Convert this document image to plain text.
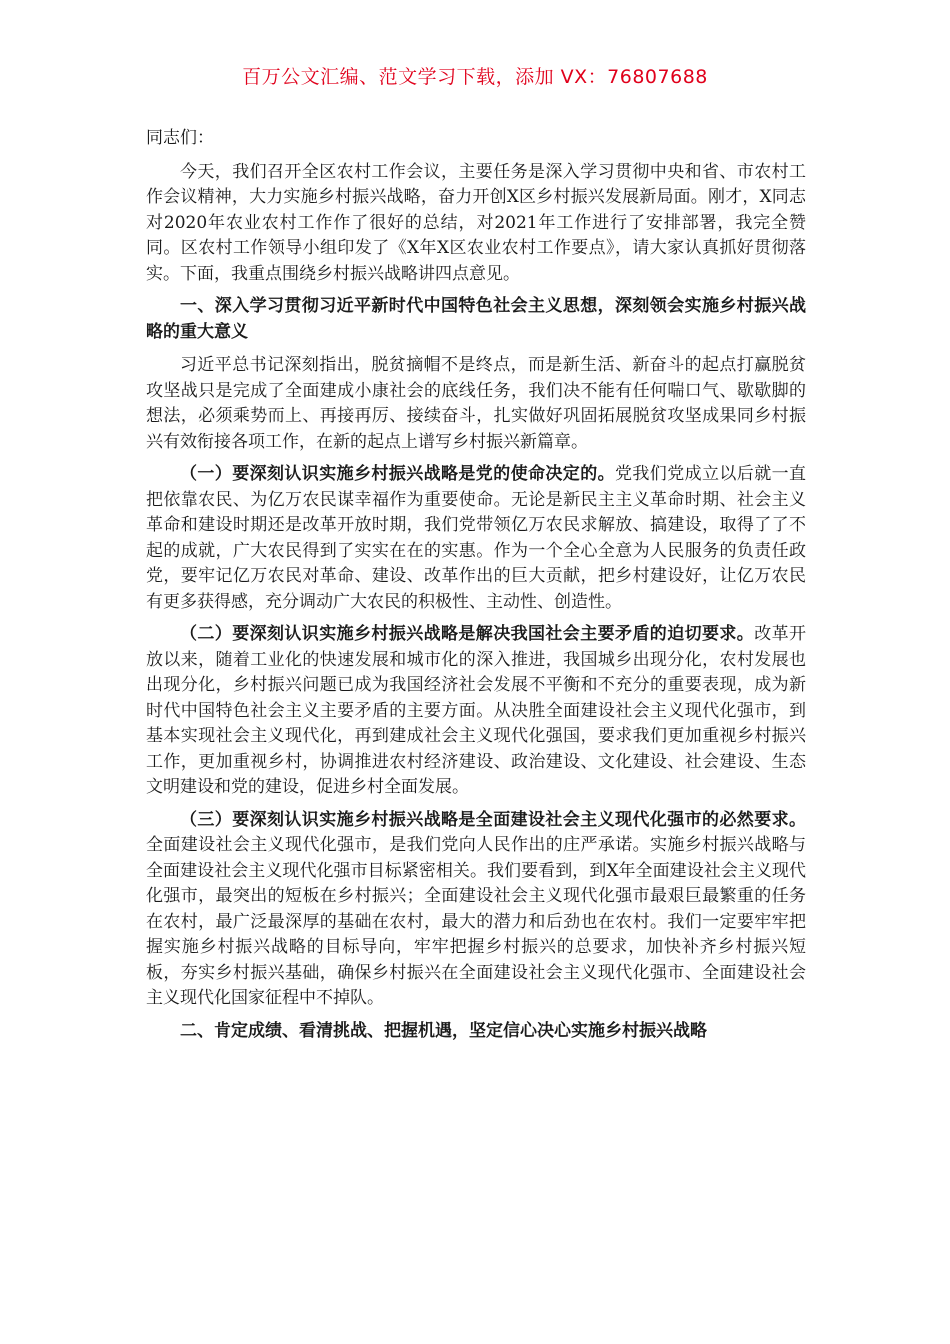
百万公文汇编、范文学习下载，添加 VX：76807688
同志们：

今天，我们召开全区农村工作会议，主要任务是深入学习贯彻中央和省、市农村工作会议精神，大力实施乡村振兴战略，奋力开创X区乡村振兴发展新局面。刚才，X同志对2020年农业农村工作作了很好的总结，对2021年工作进行了安排部署，我完全赞同。区农村工作领导小组印发了《X年X区农业农村工作要点》，请大家认真抓好贯彻落实。下面，我重点围绕乡村振兴战略讲四点意见。

一、深入学习贯彻习近平新时代中国特色社会主义思想，深刻领会实施乡村振兴战略的重大意义

习近平总书记深刻指出，脱贫摘帽不是终点，而是新生活、新奋斗的起点打赢脱贫攻坚战只是完成了全面建成小康社会的底线任务，我们决不能有任何喘口气、歇歇脚的想法，必须乘势而上、再接再厉、接续奋斗，扎实做好巩固拓展脱贫攻坚成果同乡村振兴有效衔接各项工作，在新的起点上谱写乡村振兴新篇章。

（一）要深刻认识实施乡村振兴战略是党的使命决定的。党我们党成立以后就一直把依靠农民、为亿万农民谋幸福作为重要使命。无论是新民主主义革命时期、社会主义革命和建设时期还是改革开放时期，我们党带领亿万农民求解放、搞建设，取得了了不起的成就，广大农民得到了实实在在的实惠。作为一个全心全意为人民服务的负责任政党，要牢记亿万农民对革命、建设、改革作出的巨大贡献，把乡村建设好，让亿万农民有更多获得感，充分调动广大农民的积极性、主动性、创造性。

（二）要深刻认识实施乡村振兴战略是解决我国社会主要矛盾的迫切要求。改革开放以来，随着工业化的快速发展和城市化的深入推进，我国城乡出现分化，农村发展也出现分化，乡村振兴问题已成为我国经济社会发展不平衡和不充分的重要表现，成为新时代中国特色社会主义主要矛盾的主要方面。从决胜全面建设社会主义现代化强市，到基本实现社会主义现代化，再到建成社会主义现代化强国，要求我们更加重视乡村振兴工作，更加重视乡村，协调推进农村经济建设、政治建设、文化建设、社会建设、生态文明建设和党的建设，促进乡村全面发展。

（三）要深刻认识实施乡村振兴战略是全面建设社会主义现代化强市的必然要求。全面建设社会主义现代化强市，是我们党向人民作出的庄严承诺。实施乡村振兴战略与全面建设社会主义现代化强市目标紧密相关。我们要看到，到X年全面建设社会主义现代化强市，最突出的短板在乡村振兴；全面建设社会主义现代化强市最艰巨最繁重的任务在农村，最广泛最深厚的基础在农村，最大的潜力和后劲也在农村。我们一定要牢牢把握实施乡村振兴战略的目标导向，牢牢把握乡村振兴的总要求，加快补齐乡村振兴短板，夯实乡村振兴基础，确保乡村振兴在全面建设社会主义现代化强市、全面建设社会主义现代化国家征程中不掉队。

二、肯定成绩、看清挑战、把握机遇，坚定信心决心实施乡村振兴战略
